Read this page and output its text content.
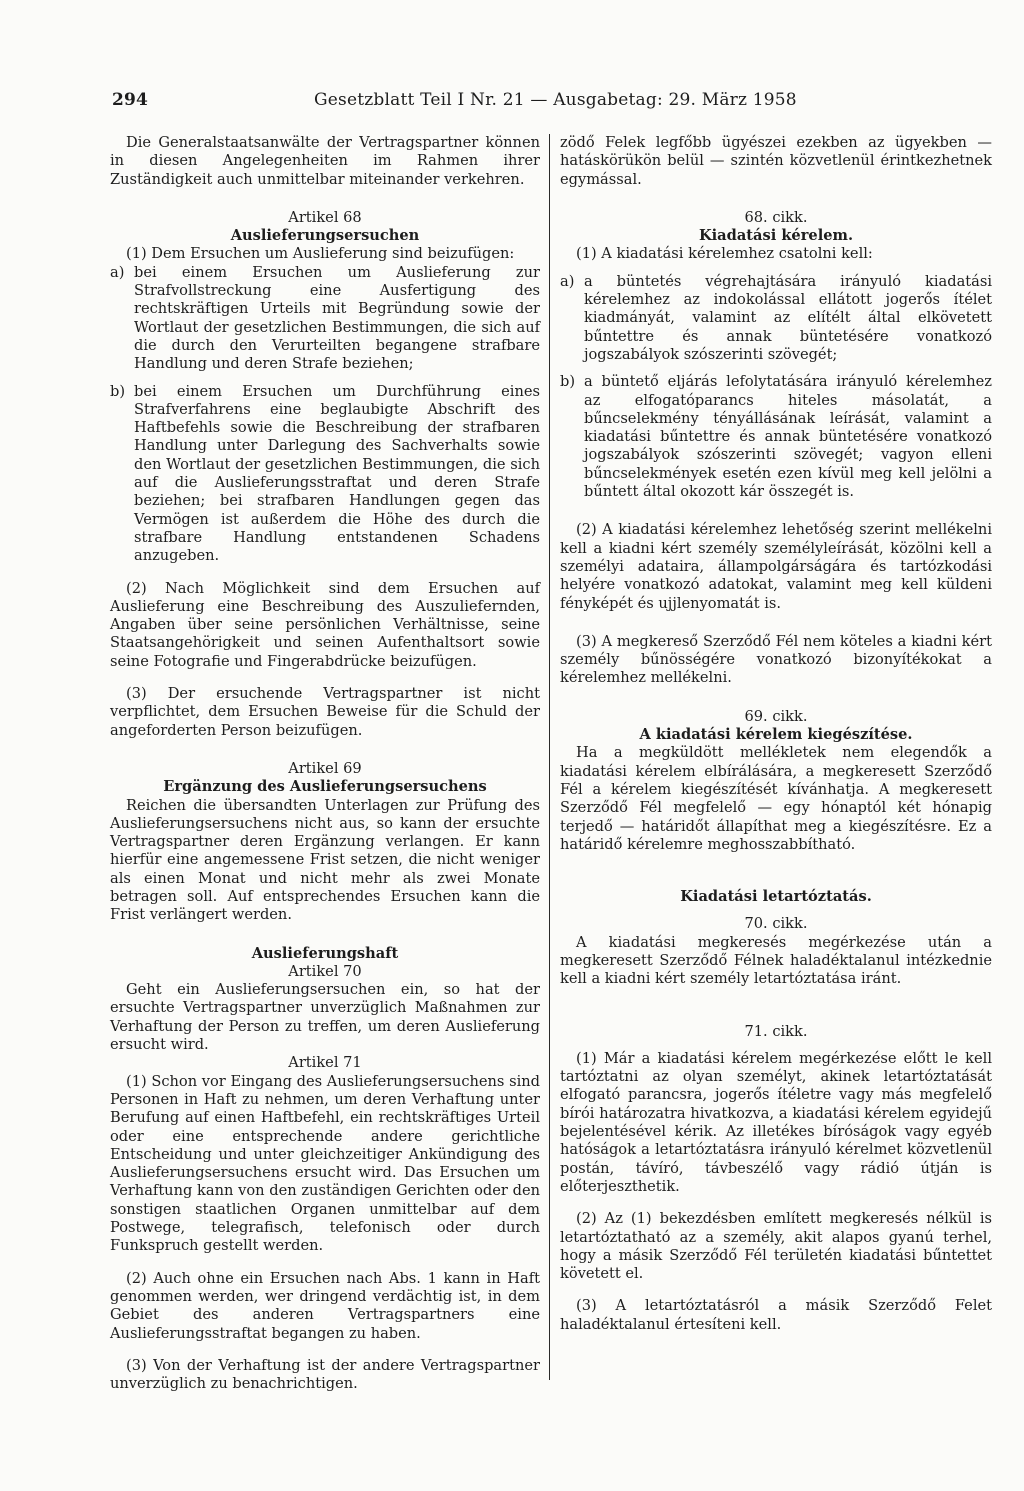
294	Gesetzblatt Teil I Nr. 21 — Ausgabetag: 29. März 1958

Die Generalstaatsanwälte der Vertragspartner können in diesen Angelegenheiten im Rahmen ihrer Zuständigkeit auch unmittelbar miteinander verkehren.

Artikel 68

Auslieferungsersuchen

(1) Dem Ersuchen um Auslieferung sind beizufügen:

a) bei einem Ersuchen um Auslieferung zur Strafvollstreckung eine Ausfertigung des rechtskräftigen Urteils mit Begründung sowie der Wortlaut der gesetzlichen Bestimmungen, die sich auf die durch den Verurteilten begangene strafbare Handlung und deren Strafe beziehen;
b) bei einem Ersuchen um Durchführung eines Strafverfahrens eine beglaubigte Abschrift des Haftbefehls sowie die Beschreibung der strafbaren Handlung unter Darlegung des Sachverhalts sowie den Wortlaut der gesetzlichen Bestimmungen, die sich auf die Auslieferungsstraftat und deren Strafe beziehen; bei strafbaren Handlungen gegen das Vermögen ist außerdem die Höhe des durch die strafbare Handlung entstandenen Schadens anzugeben.

(2) Nach Möglichkeit sind dem Ersuchen auf Auslieferung eine Beschreibung des Auszuliefernden, Angaben über seine persönlichen Verhältnisse, seine Staatsangehörigkeit und seinen Aufenthaltsort sowie seine Fotografie und Fingerabdrücke beizufügen.

(3) Der ersuchende Vertragspartner ist nicht verpflichtet, dem Ersuchen Beweise für die Schuld der angeforderten Person beizufügen.

Artikel 69

Ergänzung des Auslieferungsersuchens

Reichen die übersandten Unterlagen zur Prüfung des Auslieferungsersuchens nicht aus, so kann der ersuchte Vertragspartner deren Ergänzung verlangen. Er kann hierfür eine angemessene Frist setzen, die nicht weniger als einen Monat und nicht mehr als zwei Monate betragen soll. Auf entsprechendes Ersuchen kann die Frist verlängert werden.

Auslieferungshaft

Artikel 70

Geht ein Auslieferungsersuchen ein, so hat der ersuchte Vertragspartner unverzüglich Maßnahmen zur Verhaftung der Person zu treffen, um deren Auslieferung ersucht wird.

Artikel 71

(1) Schon vor Eingang des Auslieferungsersuchens sind Personen in Haft zu nehmen, um deren Verhaftung unter Berufung auf einen Haftbefehl, ein rechtskräftiges Urteil oder eine entsprechende andere gerichtliche Entscheidung und unter gleichzeitiger Ankündigung des Auslieferungsersuchens ersucht wird. Das Ersuchen um Verhaftung kann von den zuständigen Gerichten oder den sonstigen staatlichen Organen unmittelbar auf dem Postwege, telegrafisch, telefonisch oder durch Funkspruch gestellt werden.

(2) Auch ohne ein Ersuchen nach Abs. 1 kann in Haft genommen werden, wer dringend verdächtig ist, in dem Gebiet des anderen Vertragspartners eine Auslieferungsstraftat begangen zu haben.

(3) Von der Verhaftung ist der andere Vertragspartner unverzüglich zu benachrichtigen.

zödő Felek legfőbb ügyészei ezekben az ügyekben — hatáskörükön belül — szintén közvetlenül érintkezhetnek egymással.

68. cikk.

Kiadatási kérelem.

(1) A kiadatási kérelemhez csatolni kell:

a) a büntetés végrehajtására irányuló kiadatási kérelemhez az indokolással ellátott jogerős ítélet kiadmányát, valamint az elítélt által elkövetett bűntettre és annak büntetésére vonatkozó jogszabályok szószerinti szövegét;
b) a büntető eljárás lefolytatására irányuló kérelemhez az elfogatóparancs hiteles másolatát, a bűncselekmény tényállásának leírását, valamint a kiadatási bűntettre és annak büntetésére vonatkozó jogszabályok szószerinti szövegét; vagyon elleni bűncselekmények esetén ezen kívül meg kell jelölni a bűntett által okozott kár összegét is.

(2) A kiadatási kérelemhez lehetőség szerint mellékelni kell a kiadni kért személy személyleírását, közölni kell a személyi adataira, állampolgárságára és tartózkodási helyére vonatkozó adatokat, valamint meg kell küldeni fényképét és ujjlenyomatát is.

(3) A megkereső Szerződő Fél nem köteles a kiadni kért személy bűnösségére vonatkozó bizonyítékokat a kérelemhez mellékelni.

69. cikk.

A kiadatási kérelem kiegészítése.

Ha a megküldött mellékletek nem elegendők a kiadatási kérelem elbírálására, a megkeresett Szerződő Fél a kérelem kiegészítését kívánhatja. A megkeresett Szerződő Fél megfelelő — egy hónaptól két hónapig terjedő — határidőt állapíthat meg a kiegészítésre. Ez a határidő kérelemre meghosszabbítható.

Kiadatási letartóztatás.

70. cikk.

A kiadatási megkeresés megérkezése után a megkeresett Szerződő Félnek haladéktalanul intézkednie kell a kiadni kért személy letartóztatása iránt.

71. cikk.

(1) Már a kiadatási kérelem megérkezése előtt le kell tartóztatni az olyan személyt, akinek letartóztatását elfogató parancsra, jogerős ítéletre vagy más megfelelő bírói határozatra hivatkozva, a kiadatási kérelem egyidejű bejelentésével kérik. Az illetékes bíróságok vagy egyéb hatóságok a letartóztatásra irányuló kérelmet közvetlenül postán, távíró, távbeszélő vagy rádió útján is előterjeszthetik.

(2) Az (1) bekezdésben említett megkeresés nélkül is letartóztatható az a személy, akit alapos gyanú terhel, hogy a másik Szerződő Fél területén kiadatási bűntettet követett el.

(3) A letartóztatásról a másik Szerződő Felet haladéktalanul értesíteni kell.
